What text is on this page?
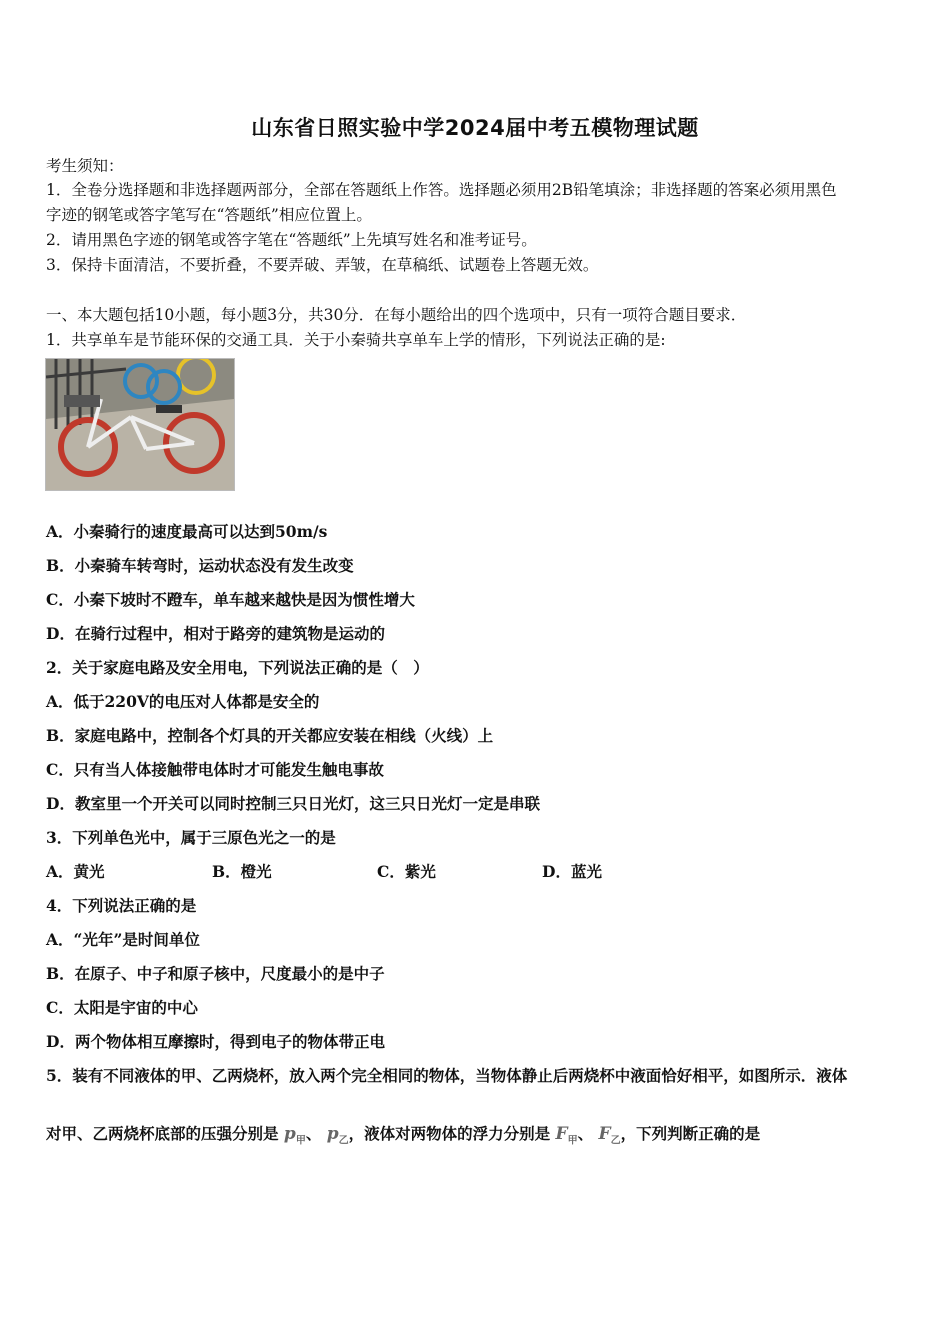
山东省日照实验中学2024届中考五模物理试题
考生须知：
1．全卷分选择题和非选择题两部分，全部在答题纸上作答。选择题必须用2B铅笔填涂；非选择题的答案必须用黑色
字迹的钢笔或答字笔写在“答题纸”相应位置上。
2．请用黑色字迹的钢笔或答字笔在“答题纸”上先填写姓名和准考证号。
3．保持卡面清洁，不要折叠，不要弄破、弄皱，在草稿纸、试题卷上答题无效。
一、本大题包括10小题，每小题3分，共30分．在每小题给出的四个选项中，只有一项符合题目要求．
1．共享单车是节能环保的交通工具．关于小秦骑共享单车上学的情形，下列说法正确的是:
A．小秦骑行的速度最高可以达到50m/s
B．小秦骑车转弯时，运动状态没有发生改变
C．小秦下坡时不蹬车，单车越来越快是因为惯性增大
D．在骑行过程中，相对于路旁的建筑物是运动的
2．关于家庭电路及安全用电，下列说法正确的是（　）
A．低于220V的电压对人体都是安全的
B．家庭电路中，控制各个灯具的开关都应安装在相线（火线）上
C．只有当人体接触带电体时才可能发生触电事故
D．教室里一个开关可以同时控制三只日光灯，这三只日光灯一定是串联
3．下列单色光中，属于三原色光之一的是
A．黄光	B．橙光	C．紫光	D．蓝光
4．下列说法正确的是
A．“光年”是时间单位
B．在原子、中子和原子核中，尺度最小的是中子
C．太阳是宇宙的中心
D．两个物体相互摩擦时，得到电子的物体带正电
5．装有不同液体的甲、乙两烧杯，放入两个完全相同的物体，当物体静止后两烧杯中液面恰好相平，如图所示．液体
对甲、乙两烧杯底部的压强分别是 $p_甲$、 $p_乙$，液体对两物体的浮力分别是 $F_甲$、 $F_乙$，下列判断正确的是
